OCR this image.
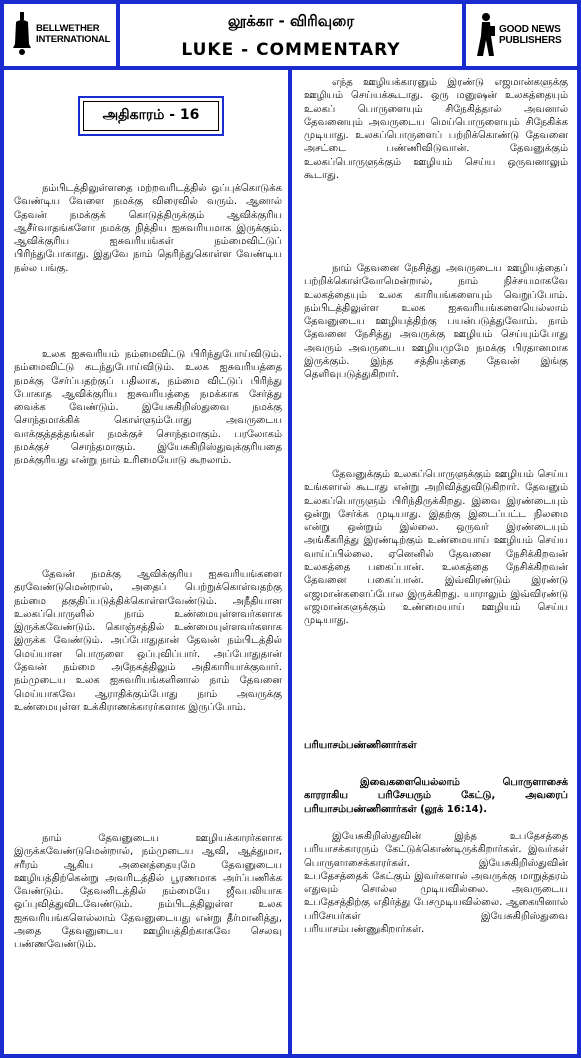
BELLWETHER
INTERNATIONAL
லூக்கா - விரிவுரை
LUKE - COMMENTARY
GOOD NEWS
PUBLISHERS
அதிகாரம் - 16

நம்பிடத்திலுள்ளதை மற்றவரிடத்தில் ஒப்புக்கொடுக்க வேண்டிய வேளை நமக்கு விரைவில் வரும். ஆனால் தேவன் நமக்குக் கொடுத்திருக்கும் ஆவிக்குரிய ஆசீர்வாதங்களோ நமக்கு நித்திய ஐசுவரியமாக இருக்கும். ஆவிக்குரிய ஐசுவரியங்கள் நம்மைவிட்டுப் பிரிந்துபோகாது. இதுவே நாம் தெரிந்துகொள்ள வேண்டிய நல்ல பங்கு.

உலக ஐசுவரியம் நம்மைவிட்டு பிரிந்துபோய்விடும். நம்மைவிட்டு கடந்துபோய்விடும். உலக ஐசுவரியத்தை நமக்கு சேர்ப்பதற்குப் பதிலாக, நம்மை விட்டுப் பிரிந்து போகாத ஆவிக்குரிய ஐசுவரியத்தை நமக்காக சேர்த்து வைக்க வேண்டும். இயேசுகிறிஸ்துவை நமக்கு சொந்தமாக்கிக் கொள்ளும்போது அவருடைய வாக்குத்தத்தங்கள் நமக்குச் சொந்தமாகும். பரலோகம் நமக்குச் சொந்தமாகும். இயேசுகிறிஸ்துவுக்குரியதை நமக்குரியது என்று நாம் உரிமையோடு கூறலாம்.

தேவன் நமக்கு ஆவிக்குரிய ஐசுவரியங்களை தரவேண்டுமென்றால், அதைப் பெற்றுக்கொள்வதற்கு நம்மை தகுதிப்படுத்திக்கொள்ளவேண்டும். அநீதியான உலகப்பொருளில் நாம் உண்மையுள்ளவர்களாக இருக்கவேண்டும். கொஞ்சத்தில் உண்மையுள்ளவர்களாக இருக்க வேண்டும். அப்போதுதான் தேவன் நம்பிடத்தில் மெய்யான பொருளை ஒப்புவிப்பார். அப்போதுதான் தேவன் நம்மை அநேகத்திலும் அதிகாரியாக்குவார். நம்முடைய உலக ஐசுவரியங்களினால் நாம் தேவனை மெய்யாகவே ஆராதிக்கும்போது நாம் அவருக்கு உண்மையுள்ள உக்கிராணக்காரர்களாக இருப்போம்.

நாம் தேவனுடைய ஊழியக்காரர்களாக இருக்கவேண்டுமென்றால், நம்முடைய ஆவி, ஆத்துமா, சரீரம் ஆகிய அனைத்தையுமே தேவனுடைய ஊழியத்திற்கென்று அவரிடத்தில் பூரணமாக அர்ப்பணிக்க வேண்டும். தேவனிடத்தில் நம்மையே ஜீவபலியாக ஒப்புவித்துவிடவேண்டும். நம்பிடத்திலுள்ள உலக ஐசுவரியங்களெல்லாம் தேவனுடையது என்று தீர்மானித்து, அதை தேவனுடைய ஊழியத்திற்காகவே செலவு பண்ணவேண்டும்.

எந்த ஊழியக்காரனும் இரண்டு எஜமான்களுக்கு ஊழியம் செய்யக்கூடாது. ஒரு மனுஷன் உலகத்தையும் உலகப் பொருளையும் சிநேகித்தால் அவனால் தேவனையும் அவருடைய மெய்பொருளையும் சிநேகிக்க முடியாது. உலகப்பொருளைப் பற்றிக்கொண்டு தேவனை அசட்டை பண்ணிவிடுவான். தேவனுக்கும் உலகப்பொருளுக்கும் ஊழியம் செய்ய ஒருவனாலும் கூடாது.

நாம் தேவனை நேசித்து அவருடைய ஊழியத்தைப் பற்றிக்கொள்வோமென்றால், நாம் நிச்சயமாகவே உலகத்தையும் உலக காரியங்களையும் வெறுப்போம். நம்பிடத்திலுள்ள உலக ஐசுவரியங்களையெல்லாம் தேவனுடைய ஊழியத்திற்கு பயன்படுத்துவோம். நாம் தேவனை நேசித்து அவருக்கு ஊழியம் செய்யும்போது அவரும் அவருடைய ஊழியமுமே நமக்கு பிரதானமாக இருக்கும். இந்த சத்தியத்தை தேவன் இங்கு தெளிவுபடுத்துகிறார்.

தேவனுக்கும் உலகப்பொருளுக்கும் ஊழியம் செய்ய உங்களால் கூடாது என்று அறிவித்துவிடுகிறார். தேவனும் உலகப்பொருளும் பிரிந்திருக்கிறது. இவை இரண்டையும் ஒன்று சேர்க்க முடியாது. இதற்கு இடைப்பட்ட நிலமை என்று ஒன்றும் இல்லை. ஒருவர் இரண்டையும் அங்கீகரித்து இரண்டிற்கும் உண்மையாய் ஊழியம் செய்ய வாய்ப்பில்லை. ஏனெனில் தேவனை நேசிக்கிறவன் உலகத்தை பகைப்பான். உலகத்தை நேசிக்கிறவன் தேவனை பகைப்பான். இவ்விரண்டும் இரண்டு எஜமான்களைப்போல இருக்கிறது. யாராலும் இவ்விரண்டு எஜமான்களுக்கும் உண்மையாய் ஊழியம் செய்ய முடியாது.

பரியாசம்பண்ணினார்கள்

இவைகளையெல்லாம் பொருளாசைக் காரராகிய பரிசேயரும் கேட்டு, அவரைப் பரியாசம்பண்ணினார்கள் (லூக் 16:14).

இயேசுகிறிஸ்துவின் இந்த உபதேசத்தை பரியாசக்காரரும் கேட்டுக்கொண்டிருக்கிறார்கள். இவர்கள் பொருளாசைக்காரர்கள். இயேசுகிறிஸ்துவின் உபதேசத்தைக் கேட்கும் இவர்களால் அவருக்கு மாறுத்தரம் எதுவும் சொல்ல முடியவில்லை. அவருடைய உபதேசத்திற்கு எதிர்த்து பேசமுடியவில்லை. ஆகையினால் பரிசேயர்கள் இயேசுகிறிஸ்துவை பரியாசம்பண்ணுகிறார்கள்.
